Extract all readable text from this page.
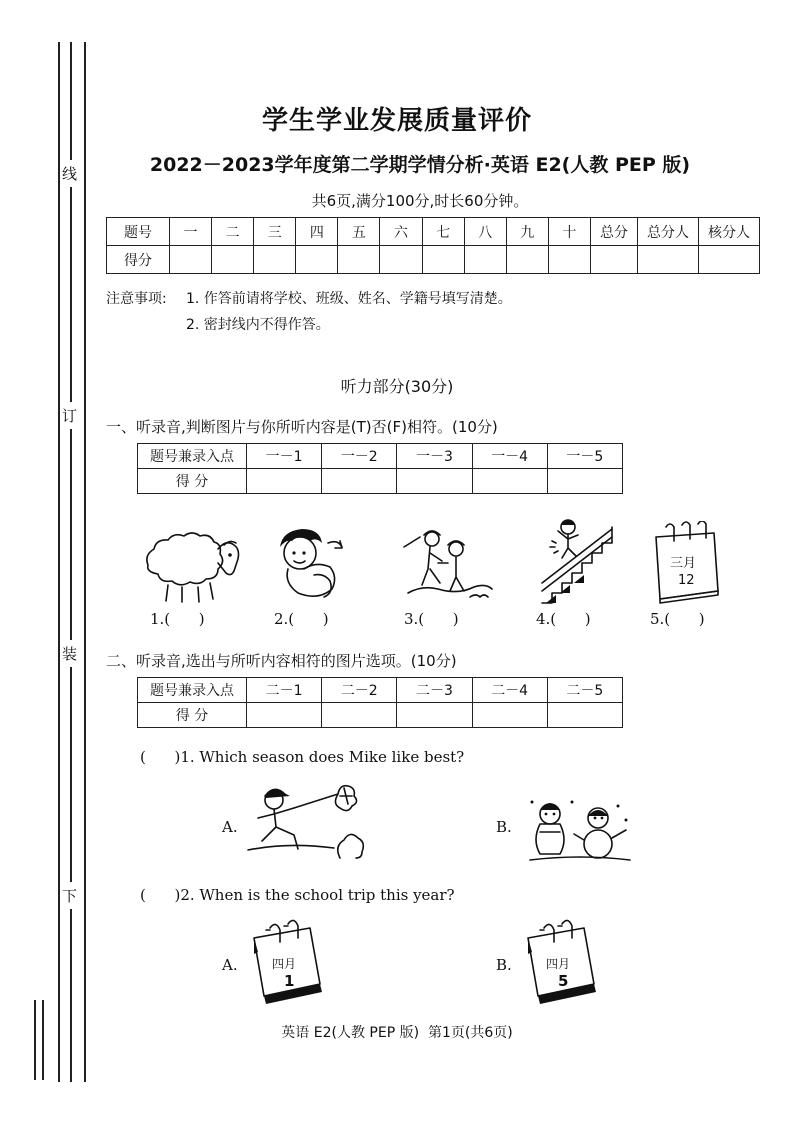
线
订
装
下
学生学业发展质量评价
2022－2023学年度第二学期学情分析·英语 E2(人教 PEP 版)
共6页,满分100分,时长60分钟。
题号	一	二	三	四	五	六	七	八	九	十	总分	总分人	核分人
得分													
注意事项: 1. 作答前请将学校、班级、姓名、学籍号填写清楚。
2. 密封线内不得作答。
听力部分(30分)
一、听录音,判断图片与你所听内容是(T)否(F)相符。(10分)
题号兼录入点	一－1	一－2	一－3	一－4	一－5
得 分					
三月
12
1.(      )	2.(      )	3.(      )	4.(      )	5.(      )
二、听录音,选出与所听内容相符的图片选项。(10分)
题号兼录入点	二－1	二－2	二－3	二－4	二－5
得 分					
(      )1. Which season does Mike like best?
A.	B.
(      )2. When is the school trip this year?
A.	四月
1
B.	四月
5
英语 E2(人教 PEP 版)  第1页(共6页)
